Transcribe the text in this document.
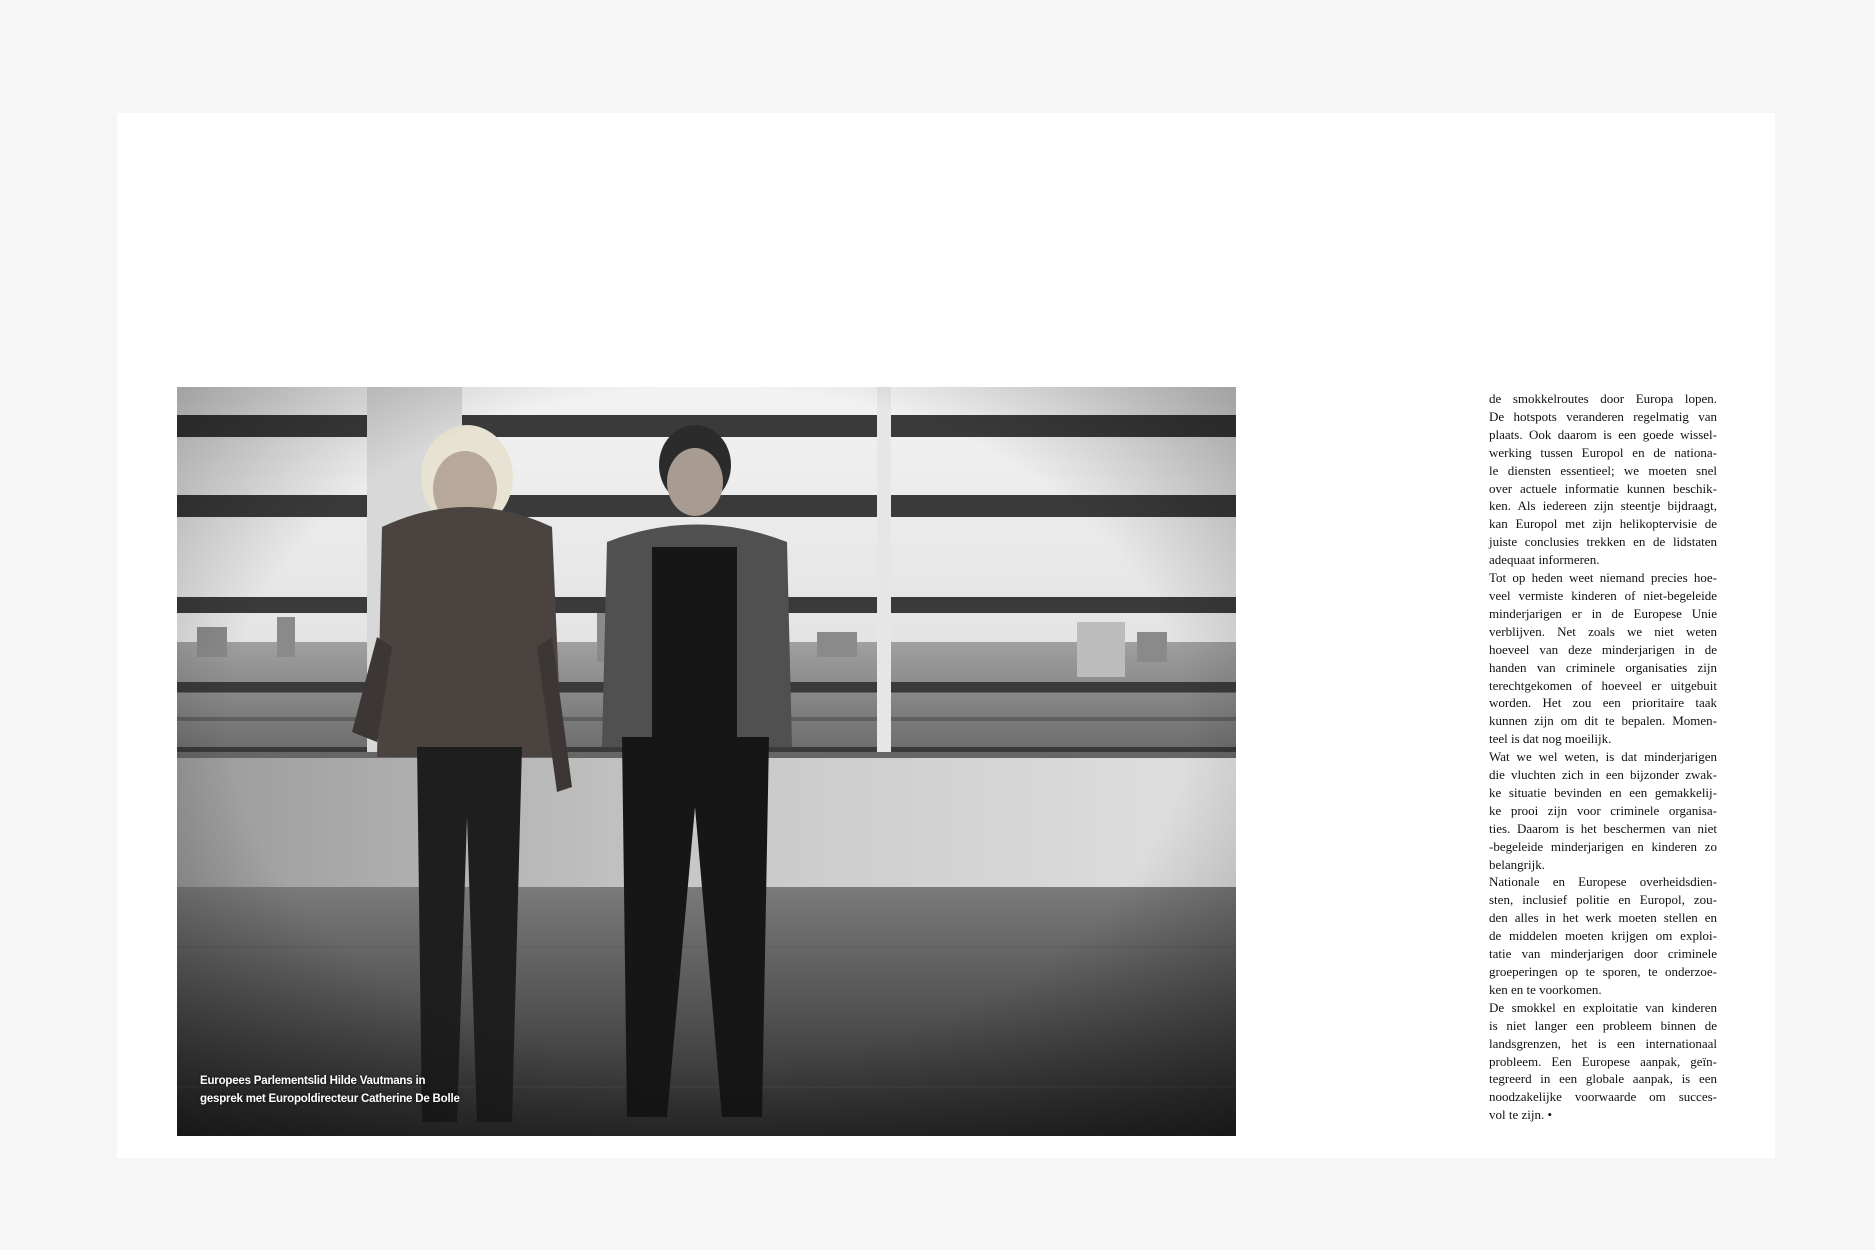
Europees Parlementslid Hilde Vautmans in
gesprek met Europoldirecteur Catherine De Bolle

de smokkelroutes door Europa lopen.
De hotspots veranderen regelmatig van
plaats. Ook daarom is een goede wissel-
werking tussen Europol en de nationa-
le diensten essentieel; we moeten snel
over actuele informatie kunnen beschik-
ken. Als iedereen zijn steentje bijdraagt,
kan Europol met zijn helikoptervisie de
juiste conclusies trekken en de lidstaten
adequaat informeren.

Tot op heden weet niemand precies hoe-
veel vermiste kinderen of niet-begeleide
minderjarigen er in de Europese Unie
verblijven. Net zoals we niet weten
hoeveel van deze minderjarigen in de
handen van criminele organisaties zijn
terechtgekomen of hoeveel er uitgebuit
worden. Het zou een prioritaire taak
kunnen zijn om dit te bepalen. Momen-
teel is dat nog moeilijk.

Wat we wel weten, is dat minderjarigen
die vluchten zich in een bijzonder zwak-
ke situatie bevinden en een gemakkelij-
ke prooi zijn voor criminele organisa-
ties. Daarom is het beschermen van niet
-begeleide minderjarigen en kinderen zo
belangrijk.

Nationale en Europese overheidsdien-
sten, inclusief politie en Europol, zou-
den alles in het werk moeten stellen en
de middelen moeten krijgen om exploi-
tatie van minderjarigen door criminele
groeperingen op te sporen, te onderzoe-
ken en te voorkomen.

De smokkel en exploitatie van kinderen
is niet langer een probleem binnen de
landsgrenzen, het is een internationaal
probleem. Een Europese aanpak, geïn-
tegreerd in een globale aanpak, is een
noodzakelijke voorwaarde om succes-
vol te zijn. •
